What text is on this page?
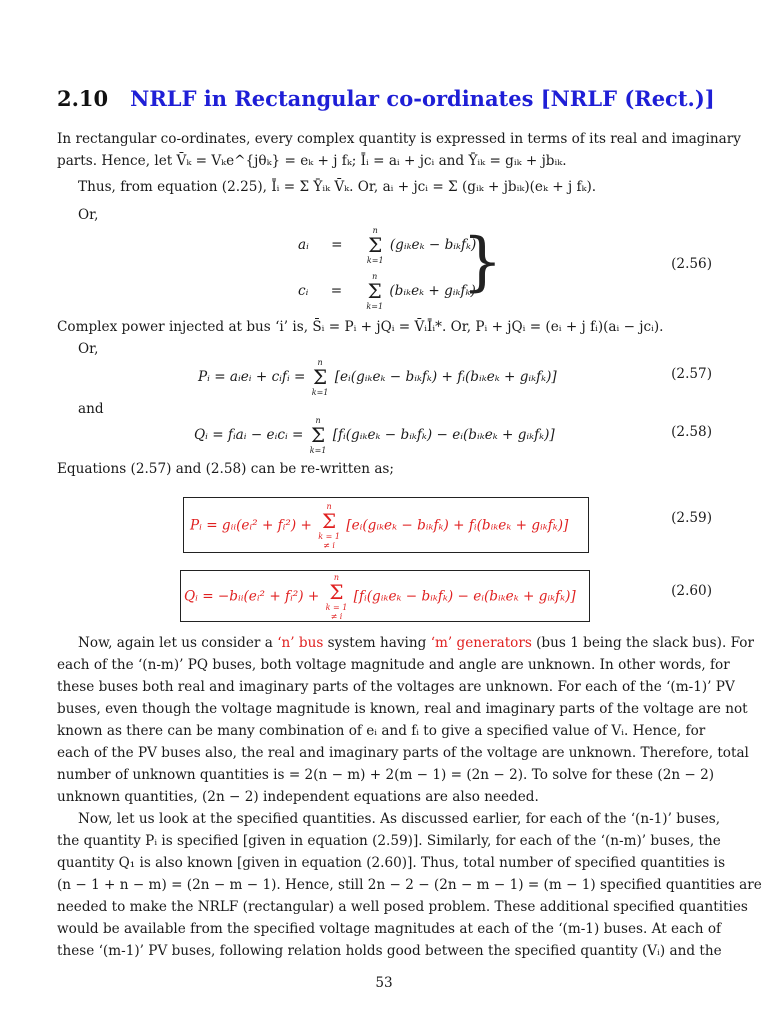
2.10 NRLF in Rectangular co-ordinates [NRLF (Rect.)]
In rectangular co-ordinates, every complex quantity is expressed in terms of its real and imaginary
parts. Hence, let V̄ₖ = Vₖe^{jθₖ} = eₖ + j fₖ; Īᵢ = aᵢ + jcᵢ and Ȳᵢₖ = gᵢₖ + jbᵢₖ.
Thus, from equation (2.25), Īᵢ = Σ Ȳᵢₖ V̄ₖ. Or, aᵢ + jcᵢ = Σ (gᵢₖ + jbᵢₖ)(eₖ + j fₖ).
Or,
aᵢ =
n
Σ
k=1
(gᵢₖeₖ − bᵢₖfₖ)
cᵢ =
n
Σ
k=1
(bᵢₖeₖ + gᵢₖfₖ)
}	(2.56)
Complex power injected at bus ‘i’ is, S̄ᵢ = Pᵢ + jQᵢ = V̄ᵢĪᵢ*. Or, Pᵢ + jQᵢ = (eᵢ + j fᵢ)(aᵢ − jcᵢ).
Or,
Pᵢ = aᵢeᵢ + cᵢfᵢ =
n
Σ
k=1
[eᵢ(gᵢₖeₖ − bᵢₖfₖ) + fᵢ(bᵢₖeₖ + gᵢₖfₖ)]	(2.57)
and
Qᵢ = fᵢaᵢ − eᵢcᵢ =
n
Σ
k=1
[fᵢ(gᵢₖeₖ − bᵢₖfₖ) − eᵢ(bᵢₖeₖ + gᵢₖfₖ)]	(2.58)
Equations (2.57) and (2.58) can be re-written as;
Pᵢ = gᵢᵢ(eᵢ² + fᵢ²) +
n
Σ
k = 1
≠ i
[eᵢ(gᵢₖeₖ − bᵢₖfₖ) + fᵢ(bᵢₖeₖ + gᵢₖfₖ)]	(2.59)
Qᵢ = −bᵢᵢ(eᵢ² + fᵢ²) +
n
Σ
k = 1
≠ i
[fᵢ(gᵢₖeₖ − bᵢₖfₖ) − eᵢ(bᵢₖeₖ + gᵢₖfₖ)]	(2.60)
Now, again let us consider a ‘n’ bus system having ‘m’ generators (bus 1 being the slack bus). For
each of the ‘(n-m)’ PQ buses, both voltage magnitude and angle are unknown. In other words, for
these buses both real and imaginary parts of the voltages are unknown. For each of the ‘(m-1)’ PV
buses, even though the voltage magnitude is known, real and imaginary parts of the voltage are not
known as there can be many combination of eᵢ and fᵢ to give a specified value of Vᵢ. Hence, for
each of the PV buses also, the real and imaginary parts of the voltage are unknown. Therefore, total
number of unknown quantities is = 2(n − m) + 2(m − 1) = (2n − 2). To solve for these (2n − 2)
unknown quantities, (2n − 2) independent equations are also needed.
Now, let us look at the specified quantities. As discussed earlier, for each of the ‘(n-1)’ buses,
the quantity Pᵢ is specified [given in equation (2.59)]. Similarly, for each of the ‘(n-m)’ buses, the
quantity Q₁ is also known [given in equation (2.60)]. Thus, total number of specified quantities is
(n − 1 + n − m) = (2n − m − 1). Hence, still 2n − 2 − (2n − m − 1) = (m − 1) specified quantities are
needed to make the NRLF (rectangular) a well posed problem. These additional specified quantities
would be available from the specified voltage magnitudes at each of the ‘(m-1) buses. At each of
these ‘(m-1)’ PV buses, following relation holds good between the specified quantity (Vᵢ) and the
53
